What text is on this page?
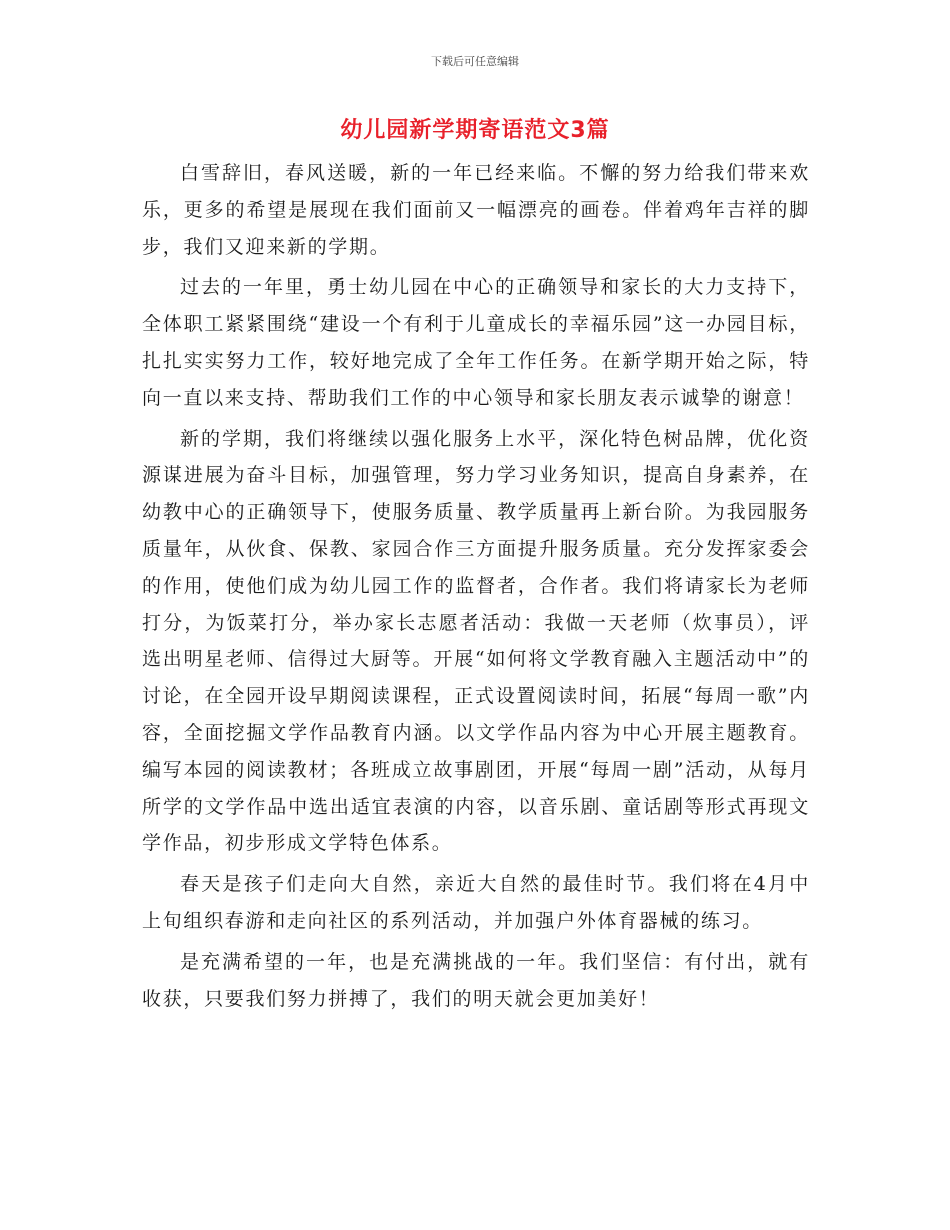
下载后可任意编辑
幼儿园新学期寄语范文3篇

白雪辞旧，春风送暖，新的一年已经来临。不懈的努力给我们带来欢乐，更多的希望是展现在我们面前又一幅漂亮的画卷。伴着鸡年吉祥的脚步，我们又迎来新的学期。

过去的一年里，勇士幼儿园在中心的正确领导和家长的大力支持下，全体职工紧紧围绕“建设一个有利于儿童成长的幸福乐园”这一办园目标，扎扎实实努力工作，较好地完成了全年工作任务。在新学期开始之际，特向一直以来支持、帮助我们工作的中心领导和家长朋友表示诚挚的谢意！

新的学期，我们将继续以强化服务上水平，深化特色树品牌，优化资源谋进展为奋斗目标，加强管理，努力学习业务知识，提高自身素养，在幼教中心的正确领导下，使服务质量、教学质量再上新台阶。为我园服务质量年，从伙食、保教、家园合作三方面提升服务质量。充分发挥家委会的作用，使他们成为幼儿园工作的监督者，合作者。我们将请家长为老师打分，为饭菜打分，举办家长志愿者活动：我做一天老师（炊事员），评选出明星老师、信得过大厨等。开展“如何将文学教育融入主题活动中”的讨论，在全园开设早期阅读课程，正式设置阅读时间，拓展“每周一歌”内容，全面挖掘文学作品教育内涵。以文学作品内容为中心开展主题教育。编写本园的阅读教材；各班成立故事剧团，开展“每周一剧”活动，从每月所学的文学作品中选出适宜表演的内容，以音乐剧、童话剧等形式再现文学作品，初步形成文学特色体系。

春天是孩子们走向大自然，亲近大自然的最佳时节。我们将在4月中上旬组织春游和走向社区的系列活动，并加强户外体育器械的练习。

是充满希望的一年，也是充满挑战的一年。我们坚信：有付出，就有收获，只要我们努力拼搏了，我们的明天就会更加美好！
